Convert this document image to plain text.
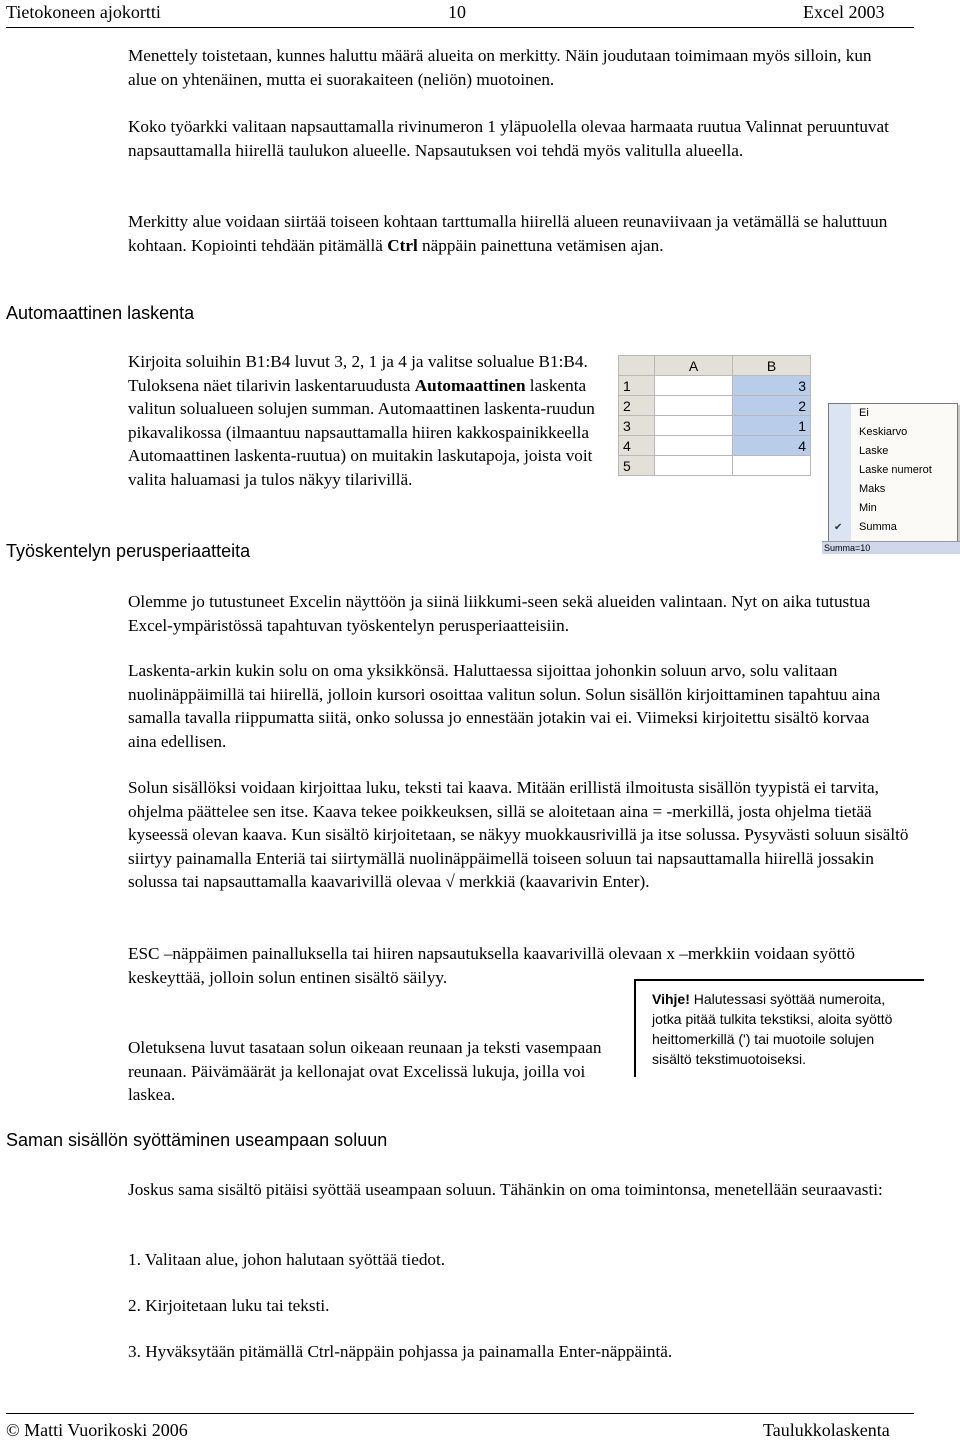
Tietokoneen ajokortti	10	Excel 2003

Menettely toistetaan, kunnes haluttu määrä alueita on merkitty. Näin joudutaan toimimaan myös silloin, kun alue on yhtenäinen, mutta ei suorakaiteen (neliön) muotoinen.

Koko työarkki valitaan napsauttamalla rivinumeron 1 yläpuolella olevaa harmaata ruutua Valinnat peruuntuvat napsauttamalla hiirellä taulukon alueelle. Napsautuksen voi tehdä myös valitulla alueella.

Merkitty alue voidaan siirtää toiseen kohtaan tarttumalla hiirellä alueen reunaviivaan ja vetämällä se haluttuun kohtaan. Kopiointi tehdään pitämällä Ctrl näppäin painettuna vetämisen ajan.

Automaattinen laskenta

Kirjoita soluihin B1:B4 luvut 3, 2, 1 ja 4 ja valitse solualue B1:B4. Tuloksena näet tilarivin laskentaruudusta Automaattinen laskenta valitun solualueen solujen summan. Automaattinen laskenta-ruudun pikavalikossa (ilmaantuu napsauttamalla hiiren kakkospainikkeella Automaattinen laskenta-ruutua) on muitakin laskutapoja, joista voit valita haluamasi ja tulos näkyy tilarivillä.

	A	B
1		3
2		2
3		1
4		4
5		
Ei
Keskiarvo
Laske
Laske numerot
Maks
Min
✔ Summa
Summa=10
Työskentelyn perusperiaatteita

Olemme jo tutustuneet Excelin näyttöön ja siinä liikkumi-seen sekä alueiden valintaan. Nyt on aika tutustua Excel-ympäristössä tapahtuvan työskentelyn perusperiaatteisiin.

Laskenta-arkin kukin solu on oma yksikkönsä. Haluttaessa sijoittaa johonkin soluun arvo, solu valitaan nuolinäppäimillä tai hiirellä, jolloin kursori osoittaa valitun solun. Solun sisällön kirjoittaminen tapahtuu aina samalla tavalla riippumatta siitä, onko solussa jo ennestään jotakin vai ei. Viimeksi kirjoitettu sisältö korvaa aina edellisen.

Solun sisällöksi voidaan kirjoittaa luku, teksti tai kaava. Mitään erillistä ilmoitusta sisällön tyypistä ei tarvita, ohjelma päättelee sen itse. Kaava tekee poikkeuksen, sillä se aloitetaan aina = -merkillä, josta ohjelma tietää kyseessä olevan kaava. Kun sisältö kirjoitetaan, se näkyy muokkausrivillä ja itse solussa. Pysyvästi soluun sisältö siirtyy painamalla Enteriä tai siirtymällä nuolinäppäimellä toiseen soluun tai napsauttamalla hiirellä jossakin solussa tai napsauttamalla kaavarivillä olevaa √ merkkiä (kaavarivin Enter).

ESC –näppäimen painalluksella tai hiiren napsautuksella kaavarivillä olevaan x –merkkiin voidaan syöttö keskeyttää, jolloin solun entinen sisältö säilyy.

Vihje! Halutessasi syöttää numeroita, jotka pitää tulkita tekstiksi, aloita syöttö heittomerkillä (') tai muotoile solujen sisältö tekstimuotoiseksi.

Oletuksena luvut tasataan solun oikeaan reunaan ja teksti vasempaan reunaan. Päivämäärät ja kellonajat ovat Excelissä lukuja, joilla voi laskea.

Saman sisällön syöttäminen useampaan soluun

Joskus sama sisältö pitäisi syöttää useampaan soluun. Tähänkin on oma toimintonsa, menetellään seuraavasti:

1. Valitaan alue, johon halutaan syöttää tiedot.
2. Kirjoitetaan luku tai teksti.
3. Hyväksytään pitämällä Ctrl-näppäin pohjassa ja painamalla Enter-näppäintä.
© Matti Vuorikoski 2006	Taulukkolaskenta
